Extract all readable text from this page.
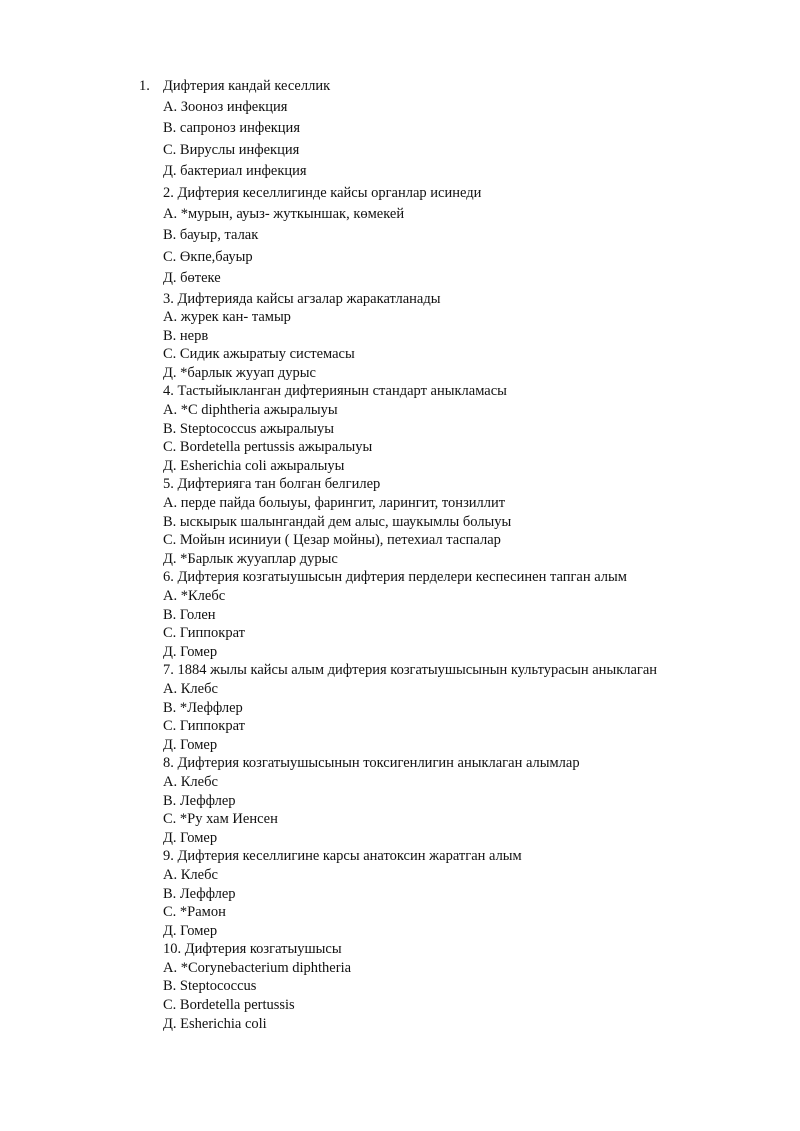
1. Дифтерия кандай кеселлик
A. Зооноз инфекция
B. сапроноз инфекция
C. Вируслы инфекция
Д. бактериал инфекция
2. Дифтерия кеселлигинде кайсы органлар исинеди
A. *мурын, ауыз- жуткыншак, көмекей
B. бауыр, талак
C. Өкпе,бауыр
Д. бөтеке
3. Дифтерияда кайсы агзалар жаракатланады
A. журек кан- тамыр
B. нерв
C. Сидик ажыратыу системасы
Д. *барлык жууап дурыс
4. Тастыйыкланган дифтериянын стандарт аныкламасы
A. *C diphtheria ажыралыуы
B. Steptococcus ажыралыуы
C. Bordetella pertussis ажыралыуы
Д. Esherichia coli ажыралыуы
5. Дифтерияга тан болган белгилер
A. перде пайда болыуы, фарингит, ларингит, тонзиллит
B. ыскырык шалынгандай дем алыс, шаукымлы болыуы
C. Мойын исиниуи ( Цезар мойны), петехиал таспалар
Д. *Барлык жууаплар дурыс
6. Дифтерия козгатыушысын дифтерия перделери кеспесинен тапган алым
A. *Клебс
B. Голен
C. Гиппократ
Д. Гомер
7. 1884 жылы кайсы алым дифтерия козгатыушысынын культурасын аныклаган
A. Клебс
B. *Леффлер
C. Гиппократ
Д. Гомер
8. Дифтерия козгатыушысынын токсигенлигин аныклаган алымлар
A. Клебс
B. Леффлер
C. *Ру хам Иенсен
Д. Гомер
9. Дифтерия кеселлигине карсы анатоксин жаратган алым
A. Клебс
B. Леффлер
C. *Рамон
Д. Гомер
10. Дифтерия козгатыушысы
A. *Corynebacterium diphtheria
B. Steptococcus
C. Bordetella pertussis
Д. Esherichia coli
